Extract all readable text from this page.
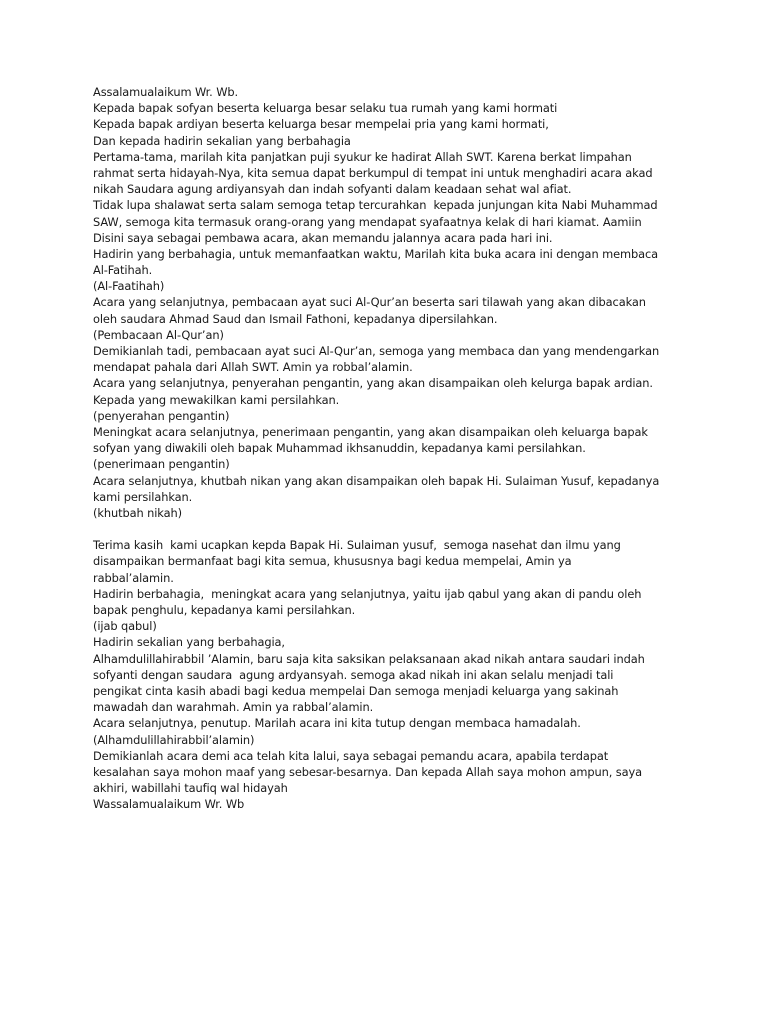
Assalamualaikum Wr. Wb.
Kepada bapak sofyan beserta keluarga besar selaku tua rumah yang kami hormati
Kepada bapak ardiyan beserta keluarga besar mempelai pria yang kami hormati,
Dan kepada hadirin sekalian yang berbahagia
Pertama-tama, marilah kita panjatkan puji syukur ke hadirat Allah SWT. Karena berkat limpahan
rahmat serta hidayah-Nya, kita semua dapat berkumpul di tempat ini untuk menghadiri acara akad
nikah Saudara agung ardiyansyah dan indah sofyanti dalam keadaan sehat wal afiat.
Tidak lupa shalawat serta salam semoga tetap tercurahkan  kepada junjungan kita Nabi Muhammad
SAW, semoga kita termasuk orang-orang yang mendapat syafaatnya kelak di hari kiamat. Aamiin
Disini saya sebagai pembawa acara, akan memandu jalannya acara pada hari ini.
Hadirin yang berbahagia, untuk memanfaatkan waktu, Marilah kita buka acara ini dengan membaca
Al-Fatihah.
(Al-Faatihah)
Acara yang selanjutnya, pembacaan ayat suci Al-Qur’an beserta sari tilawah yang akan dibacakan
oleh saudara Ahmad Saud dan Ismail Fathoni, kepadanya dipersilahkan.
(Pembacaan Al-Qur’an)
Demikianlah tadi, pembacaan ayat suci Al-Qur’an, semoga yang membaca dan yang mendengarkan
mendapat pahala dari Allah SWT. Amin ya robbal’alamin.
Acara yang selanjutnya, penyerahan pengantin, yang akan disampaikan oleh kelurga bapak ardian.
Kepada yang mewakilkan kami persilahkan.
(penyerahan pengantin)
Meningkat acara selanjutnya, penerimaan pengantin, yang akan disampaikan oleh keluarga bapak
sofyan yang diwakili oleh bapak Muhammad ikhsanuddin, kepadanya kami persilahkan.
(penerimaan pengantin)
Acara selanjutnya, khutbah nikan yang akan disampaikan oleh bapak Hi. Sulaiman Yusuf, kepadanya
kami persilahkan.
(khutbah nikah)
Terima kasih  kami ucapkan kepda Bapak Hi. Sulaiman yusuf,  semoga nasehat dan ilmu yang
disampaikan bermanfaat bagi kita semua, khususnya bagi kedua mempelai, Amin ya
rabbal’alamin.
Hadirin berbahagia,  meningkat acara yang selanjutnya, yaitu ijab qabul yang akan di pandu oleh
bapak penghulu, kepadanya kami persilahkan.
(ijab qabul)
Hadirin sekalian yang berbahagia,
Alhamdulillahirabbil ’Alamin, baru saja kita saksikan pelaksanaan akad nikah antara saudari indah
sofyanti dengan saudara  agung ardyansyah. semoga akad nikah ini akan selalu menjadi tali
pengikat cinta kasih abadi bagi kedua mempelai Dan semoga menjadi keluarga yang sakinah
mawadah dan warahmah. Amin ya rabbal’alamin.
Acara selanjutnya, penutup. Marilah acara ini kita tutup dengan membaca hamadalah.
(Alhamdulillahirabbil’alamin)
Demikianlah acara demi aca telah kita lalui, saya sebagai pemandu acara, apabila terdapat
kesalahan saya mohon maaf yang sebesar-besarnya. Dan kepada Allah saya mohon ampun, saya
akhiri, wabillahi taufiq wal hidayah
Wassalamualaikum Wr. Wb
